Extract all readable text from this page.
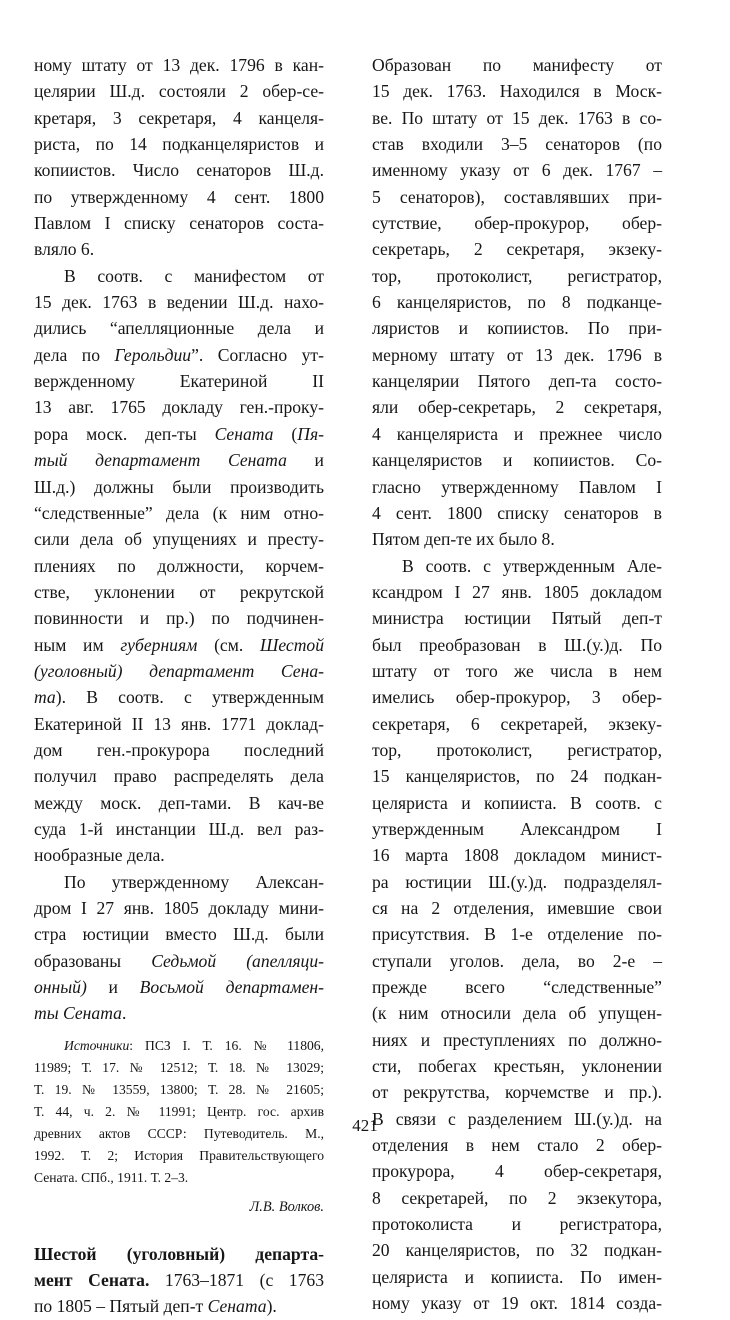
ному штату от 13 дек. 1796 в кан-
целярии Ш.д. состояли 2 обер-се-
кретаря, 3 секретаря, 4 канцеля-
риста, по 14 подканцеляристов и
копиистов. Число сенаторов Ш.д.
по утвержденному 4 сент. 1800
Павлом I списку сенаторов соста-
вляло 6.
В соотв. с манифестом от
15 дек. 1763 в ведении Ш.д. нахо-
дились “апелляционные дела и
дела по Герольдии”. Согласно ут-
вержденному Екатериной II
13 авг. 1765 докладу ген.-проку-
рора моск. деп-ты Сената (Пя-
тый департамент Сената и
Ш.д.) должны были производить
“следственные” дела (к ним отно-
сили дела об упущениях и престу-
плениях по должности, корчем-
стве, уклонении от рекрутской
повинности и пр.) по подчинен-
ным им губерниям (см. Шестой
(уголовный) департамент Сена-
та). В соотв. с утвержденным
Екатериной II 13 янв. 1771 доклад-
дом ген.-прокурора последний
получил право распределять дела
между моск. деп-тами. В кач-ве
суда 1-й инстанции Ш.д. вел раз-
нообразные дела.
По утвержденному Алексан-
дром I 27 янв. 1805 докладу мини-
стра юстиции вместо Ш.д. были
образованы Седьмой (апелляци-
онный) и Восьмой департамен-
ты Сената.
Источники: ПСЗ I. Т. 16. № 11806,
11989; Т. 17. № 12512; Т. 18. № 13029;
Т. 19. № 13559, 13800; Т. 28. № 21605;
Т. 44, ч. 2. № 11991; Центр. гос. архив
древних актов СССР: Путеводитель. М.,
1992. Т. 2; История Правительствующего
Сената. СПб., 1911. Т. 2–3.
Л.В. Волков.
Шестой (уголовный) департа-
мент Сената. 1763–1871 (с 1763
по 1805 – Пятый деп-т Сената).
Образован по манифесту от
15 дек. 1763. Находился в Моск-
ве. По штату от 15 дек. 1763 в со-
став входили 3–5 сенаторов (по
именному указу от 6 дек. 1767 –
5 сенаторов), составлявших при-
сутствие, обер-прокурор, обер-
секретарь, 2 секретаря, экзеку-
тор, протоколист, регистратор,
6 канцеляристов, по 8 подканце-
ляристов и копиистов. По при-
мерному штату от 13 дек. 1796 в
канцелярии Пятого деп-та состо-
яли обер-секретарь, 2 секретаря,
4 канцеляриста и прежнее число
канцеляристов и копиистов. Со-
гласно утвержденному Павлом I
4 сент. 1800 списку сенаторов в
Пятом деп-те их было 8.
В соотв. с утвержденным Але-
ксандром I 27 янв. 1805 докладом
министра юстиции Пятый деп-т
был преобразован в Ш.(у.)д. По
штату от того же числа в нем
имелись обер-прокурор, 3 обер-
секретаря, 6 секретарей, экзеку-
тор, протоколист, регистратор,
15 канцеляристов, по 24 подкан-
целяриста и копииста. В соотв. с
утвержденным Александром I
16 марта 1808 докладом минист-
ра юстиции Ш.(у.)д. подразделял-
ся на 2 отделения, имевшие свои
присутствия. В 1-е отделение по-
ступали уголов. дела, во 2-е –
прежде всего “следственные”
(к ним относили дела об упущен-
ниях и преступлениях по должно-
сти, побегах крестьян, уклонении
от рекрутства, корчемстве и пр.).
В связи с разделением Ш.(у.)д. на
отделения в нем стало 2 обер-
прокурора, 4 обер-секретаря,
8 секретарей, по 2 экзекутора,
протоколиста и регистратора,
20 канцеляристов, по 32 подкан-
целяриста и копииста. По имен-
ному указу от 19 окт. 1814 созда-
421
